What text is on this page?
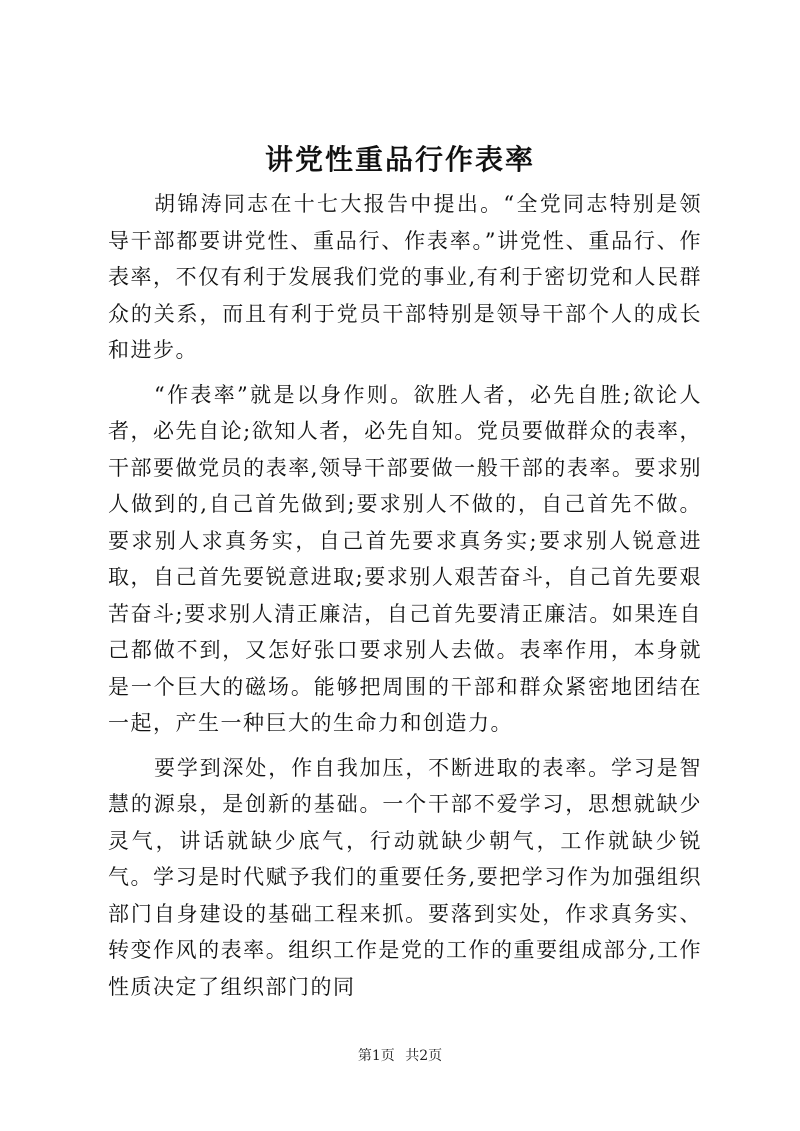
讲党性重品行作表率

胡锦涛同志在十七大报告中提出。“全党同志特别是领导干部都要讲党性、重品行、作表率。”讲党性、重品行、作表率，不仅有利于发展我们党的事业,有利于密切党和人民群众的关系，而且有利于党员干部特别是领导干部个人的成长和进步。

“作表率”就是以身作则。欲胜人者，必先自胜;欲论人者，必先自论;欲知人者，必先自知。党员要做群众的表率，干部要做党员的表率,领导干部要做一般干部的表率。要求别人做到的,自己首先做到;要求别人不做的，自己首先不做。要求别人求真务实，自己首先要求真务实;要求别人锐意进取，自己首先要锐意进取;要求别人艰苦奋斗，自己首先要艰苦奋斗;要求别人清正廉洁，自己首先要清正廉洁。如果连自己都做不到，又怎好张口要求别人去做。表率作用，本身就是一个巨大的磁场。能够把周围的干部和群众紧密地团结在一起，产生一种巨大的生命力和创造力。

要学到深处，作自我加压，不断进取的表率。学习是智慧的源泉，是创新的基础。一个干部不爱学习，思想就缺少灵气，讲话就缺少底气，行动就缺少朝气，工作就缺少锐气。学习是时代赋予我们的重要任务,要把学习作为加强组织部门自身建设的基础工程来抓。要落到实处，作求真务实、转变作风的表率。组织工作是党的工作的重要组成部分,工作性质决定了组织部门的同

第1页 共2页
